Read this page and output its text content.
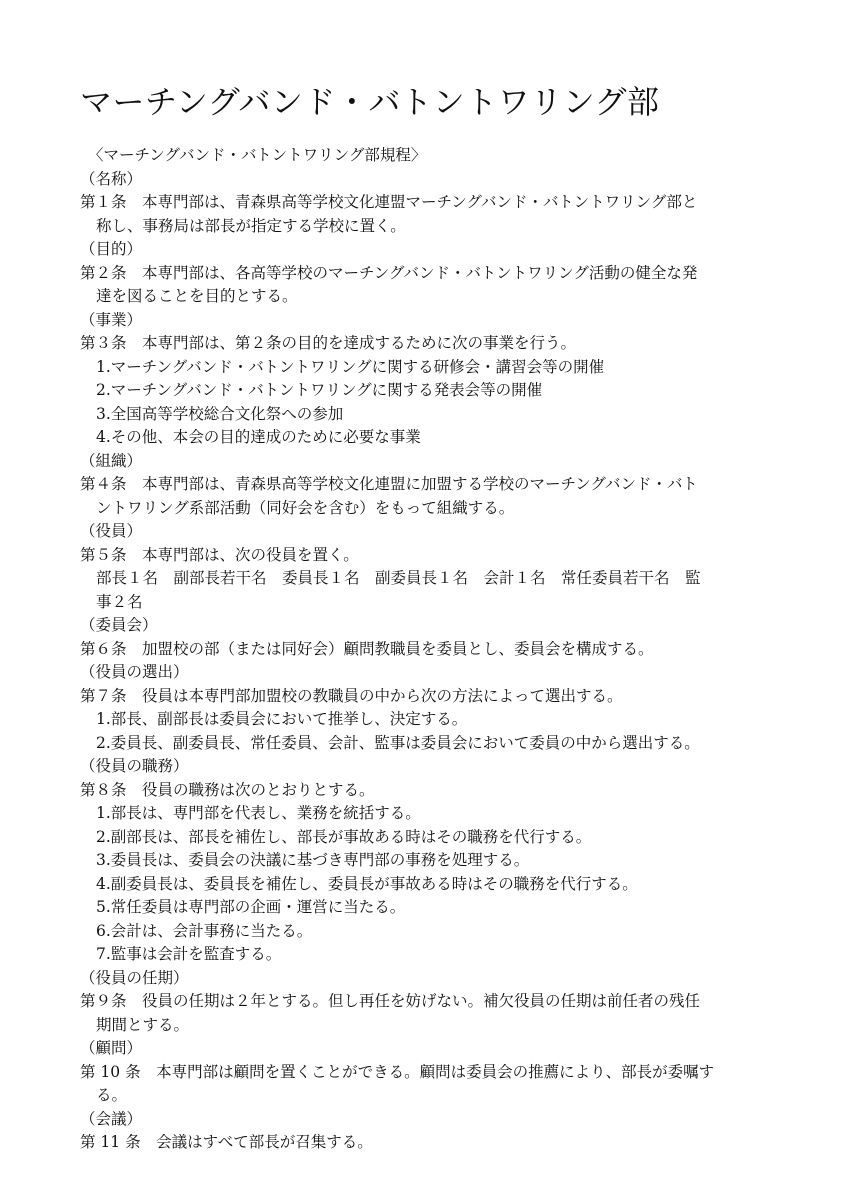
マーチングバンド・バトントワリング部
〈マーチングバンド・バトントワリング部規程〉
（名称）
第１条　本専門部は、青森県高等学校文化連盟マーチングバンド・バトントワリング部と
称し、事務局は部長が指定する学校に置く。
（目的）
第２条　本専門部は、各高等学校のマーチングバンド・バトントワリング活動の健全な発
達を図ることを目的とする。
（事業）
第３条　本専門部は、第２条の目的を達成するために次の事業を行う。
1.マーチングバンド・バトントワリングに関する研修会・講習会等の開催
2.マーチングバンド・バトントワリングに関する発表会等の開催
3.全国高等学校総合文化祭への参加
4.その他、本会の目的達成のために必要な事業
（組織）
第４条　本専門部は、青森県高等学校文化連盟に加盟する学校のマーチングバンド・バト
ントワリング系部活動（同好会を含む）をもって組織する。
（役員）
第５条　本専門部は、次の役員を置く。
部長１名　副部長若干名　委員長１名　副委員長１名　会計１名　常任委員若干名　監
事２名
（委員会）
第６条　加盟校の部（または同好会）顧問教職員を委員とし、委員会を構成する。
（役員の選出）
第７条　役員は本専門部加盟校の教職員の中から次の方法によって選出する。
1.部長、副部長は委員会において推挙し、決定する。
2.委員長、副委員長、常任委員、会計、監事は委員会において委員の中から選出する。
（役員の職務）
第８条　役員の職務は次のとおりとする。
1.部長は、専門部を代表し、業務を統括する。
2.副部長は、部長を補佐し、部長が事故ある時はその職務を代行する。
3.委員長は、委員会の決議に基づき専門部の事務を処理する。
4.副委員長は、委員長を補佐し、委員長が事故ある時はその職務を代行する。
5.常任委員は専門部の企画・運営に当たる。
6.会計は、会計事務に当たる。
7.監事は会計を監査する。
（役員の任期）
第９条　役員の任期は２年とする。但し再任を妨げない。補欠役員の任期は前任者の残任
期間とする。
（顧問）
第 10 条　本専門部は顧問を置くことができる。顧問は委員会の推薦により、部長が委嘱す
る。
（会議）
第 11 条　会議はすべて部長が召集する。
